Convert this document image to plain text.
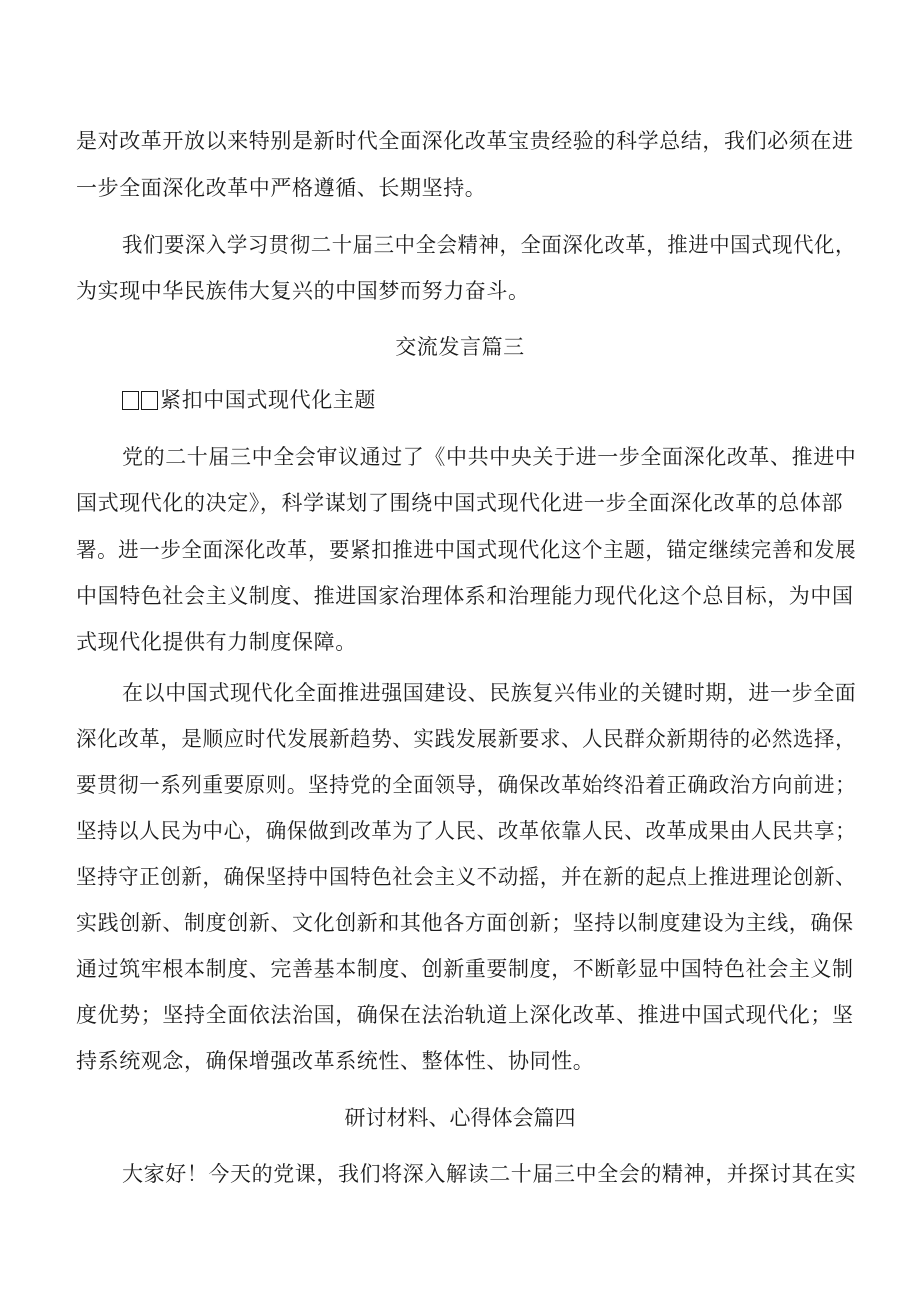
是对改革开放以来特别是新时代全面深化改革宝贵经验的科学总结，我们必须在进
一步全面深化改革中严格遵循、长期坚持。
我们要深入学习贯彻二十届三中全会精神，全面深化改革，推进中国式现代化，
为实现中华民族伟大复兴的中国梦而努力奋斗。
交流发言篇三
紧扣中国式现代化主题
党的二十届三中全会审议通过了《中共中央关于进一步全面深化改革、推进中
国式现代化的决定》，科学谋划了围绕中国式现代化进一步全面深化改革的总体部
署。进一步全面深化改革，要紧扣推进中国式现代化这个主题，锚定继续完善和发展
中国特色社会主义制度、推进国家治理体系和治理能力现代化这个总目标，为中国
式现代化提供有力制度保障。
在以中国式现代化全面推进强国建设、民族复兴伟业的关键时期，进一步全面
深化改革，是顺应时代发展新趋势、实践发展新要求、人民群众新期待的必然选择，
要贯彻一系列重要原则。坚持党的全面领导，确保改革始终沿着正确政治方向前进；
坚持以人民为中心，确保做到改革为了人民、改革依靠人民、改革成果由人民共享；
坚持守正创新，确保坚持中国特色社会主义不动摇，并在新的起点上推进理论创新、
实践创新、制度创新、文化创新和其他各方面创新；坚持以制度建设为主线，确保
通过筑牢根本制度、完善基本制度、创新重要制度，不断彰显中国特色社会主义制
度优势；坚持全面依法治国，确保在法治轨道上深化改革、推进中国式现代化；坚
持系统观念，确保增强改革系统性、整体性、协同性。
研讨材料、心得体会篇四
大家好！今天的党课，我们将深入解读二十届三中全会的精神，并探讨其在实
